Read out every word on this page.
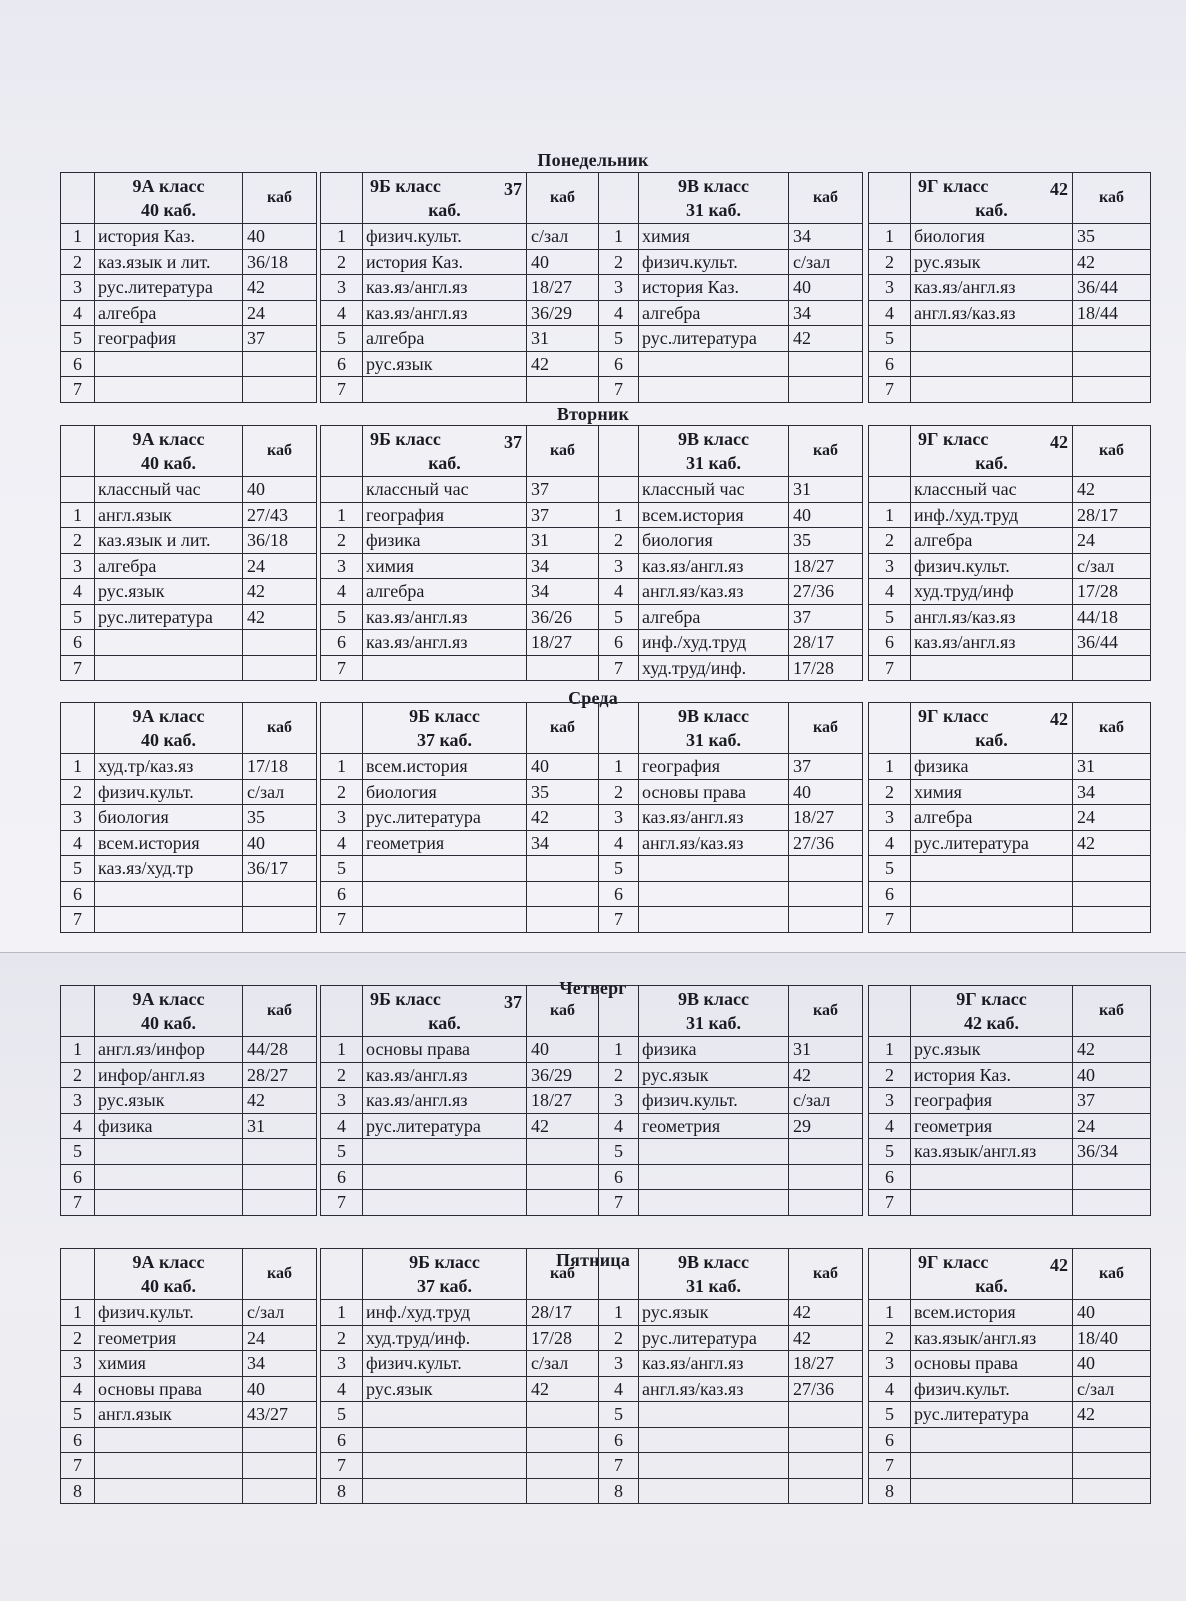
Понедельник
Вторник
Среда
Четверг
Пятница

	9А класс
40 каб.	каб
1	история Каз.	40
2	каз.язык и лит.	36/18
3	рус.литература	42
4	алгебра	24
5	география	37
6		
7		

	9Б класс 37
каб.	каб
1	физич.культ.	с/зал
2	история Каз.	40
3	каз.яз/англ.яз	18/27
4	каз.яз/англ.яз	36/29
5	алгебра	31
6	рус.язык	42
7		

	9В класс
31 каб.	каб
1	химия	34
2	физич.культ.	с/зал
3	история Каз.	40
4	алгебра	34
5	рус.литература	42
6		
7		

	9Г класс 42
каб.	каб
1	биология	35
2	рус.язык	42
3	каз.яз/англ.яз	36/44
4	англ.яз/каз.яз	18/44
5		
6		
7		

	9А класс
40 каб.	каб
	классный час	40
1	англ.язык	27/43
2	каз.язык и лит.	36/18
3	алгебра	24
4	рус.язык	42
5	рус.литература	42
6		
7		

	9Б класс 37
каб.	каб
	классный час	37
1	география	37
2	физика	31
3	химия	34
4	алгебра	34
5	каз.яз/англ.яз	36/26
6	каз.яз/англ.яз	18/27
7		

	9В класс
31 каб.	каб
	классный час	31
1	всем.история	40
2	биология	35
3	каз.яз/англ.яз	18/27
4	англ.яз/каз.яз	27/36
5	алгебра	37
6	инф./худ.труд	28/17
7	худ.труд/инф.	17/28

	9Г класс 42
каб.	каб
	классный час	42
1	инф./худ.труд	28/17
2	алгебра	24
3	физич.культ.	с/зал
4	худ.труд/инф	17/28
5	англ.яз/каз.яз	44/18
6	каз.яз/англ.яз	36/44
7		

	9А класс
40 каб.	каб
1	худ.тр/каз.яз	17/18
2	физич.культ.	с/зал
3	биология	35
4	всем.история	40
5	каз.яз/худ.тр	36/17
6		
7		

	9Б класс
37 каб.	каб
1	всем.история	40
2	биология	35
3	рус.литература	42
4	геометрия	34
5		
6		
7		

	9В класс
31 каб.	каб
1	география	37
2	основы права	40
3	каз.яз/англ.яз	18/27
4	англ.яз/каз.яз	27/36
5		
6		
7		

	9Г класс 42
каб.	каб
1	физика	31
2	химия	34
3	алгебра	24
4	рус.литература	42
5		
6		
7		

	9А класс
40 каб.	каб
1	англ.яз/инфор	44/28
2	инфор/англ.яз	28/27
3	рус.язык	42
4	физика	31
5		
6		
7		

	9Б класс 37
каб.	каб
1	основы права	40
2	каз.яз/англ.яз	36/29
3	каз.яз/англ.яз	18/27
4	рус.литература	42
5		
6		
7		

	9В класс
31 каб.	каб
1	физика	31
2	рус.язык	42
3	физич.культ.	с/зал
4	геометрия	29
5		
6		
7		

	9Г класс
42 каб.	каб
1	рус.язык	42
2	история Каз.	40
3	география	37
4	геометрия	24
5	каз.язык/англ.яз	36/34
6		
7		

	9А класс
40 каб.	каб
1	физич.культ.	с/зал
2	геометрия	24
3	химия	34
4	основы права	40
5	англ.язык	43/27
6		
7		
8		

	9Б класс
37 каб.	каб
1	инф./худ.труд	28/17
2	худ.труд/инф.	17/28
3	физич.культ.	с/зал
4	рус.язык	42
5		
6		
7		
8		

	9В класс
31 каб.	каб
1	рус.язык	42
2	рус.литература	42
3	каз.яз/англ.яз	18/27
4	англ.яз/каз.яз	27/36
5		
6		
7		
8		

	9Г класс 42
каб.	каб
1	всем.история	40
2	каз.язык/англ.яз	18/40
3	основы права	40
4	физич.культ.	с/зал
5	рус.литература	42
6		
7		
8		
